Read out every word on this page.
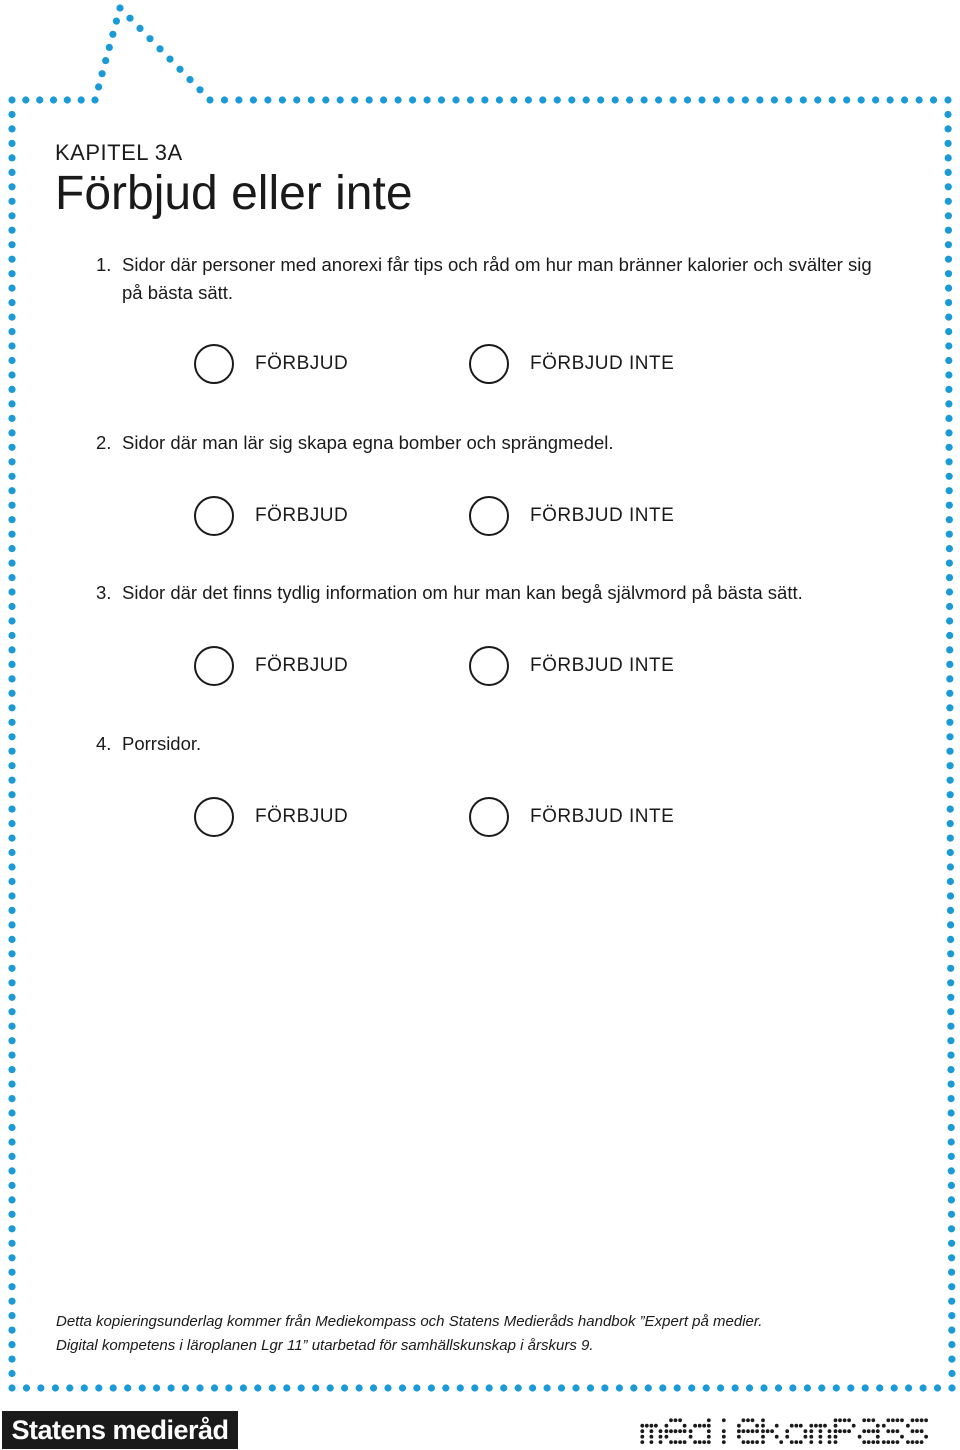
KAPITEL 3A
Förbjud eller inte
1. Sidor där personer med anorexi får tips och råd om hur man bränner kalorier och svälter sig på bästa sätt.
FÖRBJUD	FÖRBJUD INTE
2. Sidor där man lär sig skapa egna bomber och sprängmedel.
FÖRBJUD	FÖRBJUD INTE
3. Sidor där det finns tydlig information om hur man kan begå självmord på bästa sätt.
FÖRBJUD	FÖRBJUD INTE
4. Porrsidor.
FÖRBJUD	FÖRBJUD INTE
Detta kopieringsunderlag kommer från Mediekompass och Statens Medieråds handbok ”Expert på medier.
Digital kompetens i läroplanen Lgr 11” utarbetad för samhällskunskap i årskurs 9.
Statens medieråd
